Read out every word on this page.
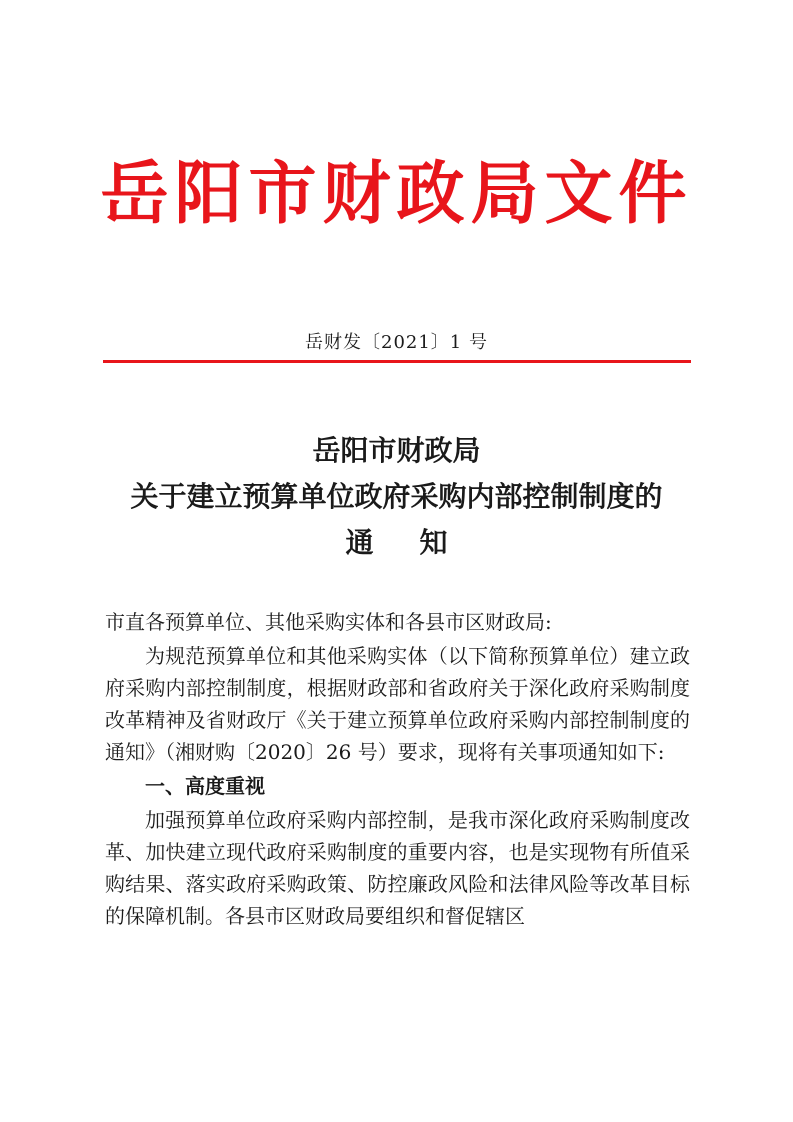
岳阳市财政局文件
岳财发〔2021〕1 号
岳阳市财政局
关于建立预算单位政府采购内部控制制度的
通知

市直各预算单位、其他采购实体和各县市区财政局:

为规范预算单位和其他采购实体（以下简称预算单位）建立政府采购内部控制制度，根据财政部和省政府关于深化政府采购制度改革精神及省财政厅《关于建立预算单位政府采购内部控制制度的通知》（湘财购〔2020〕26 号）要求，现将有关事项通知如下:

一、高度重视

加强预算单位政府采购内部控制，是我市深化政府采购制度改革、加快建立现代政府采购制度的重要内容，也是实现物有所值采购结果、落实政府采购政策、防控廉政风险和法律风险等改革目标的保障机制。各县市区财政局要组织和督促辖区
